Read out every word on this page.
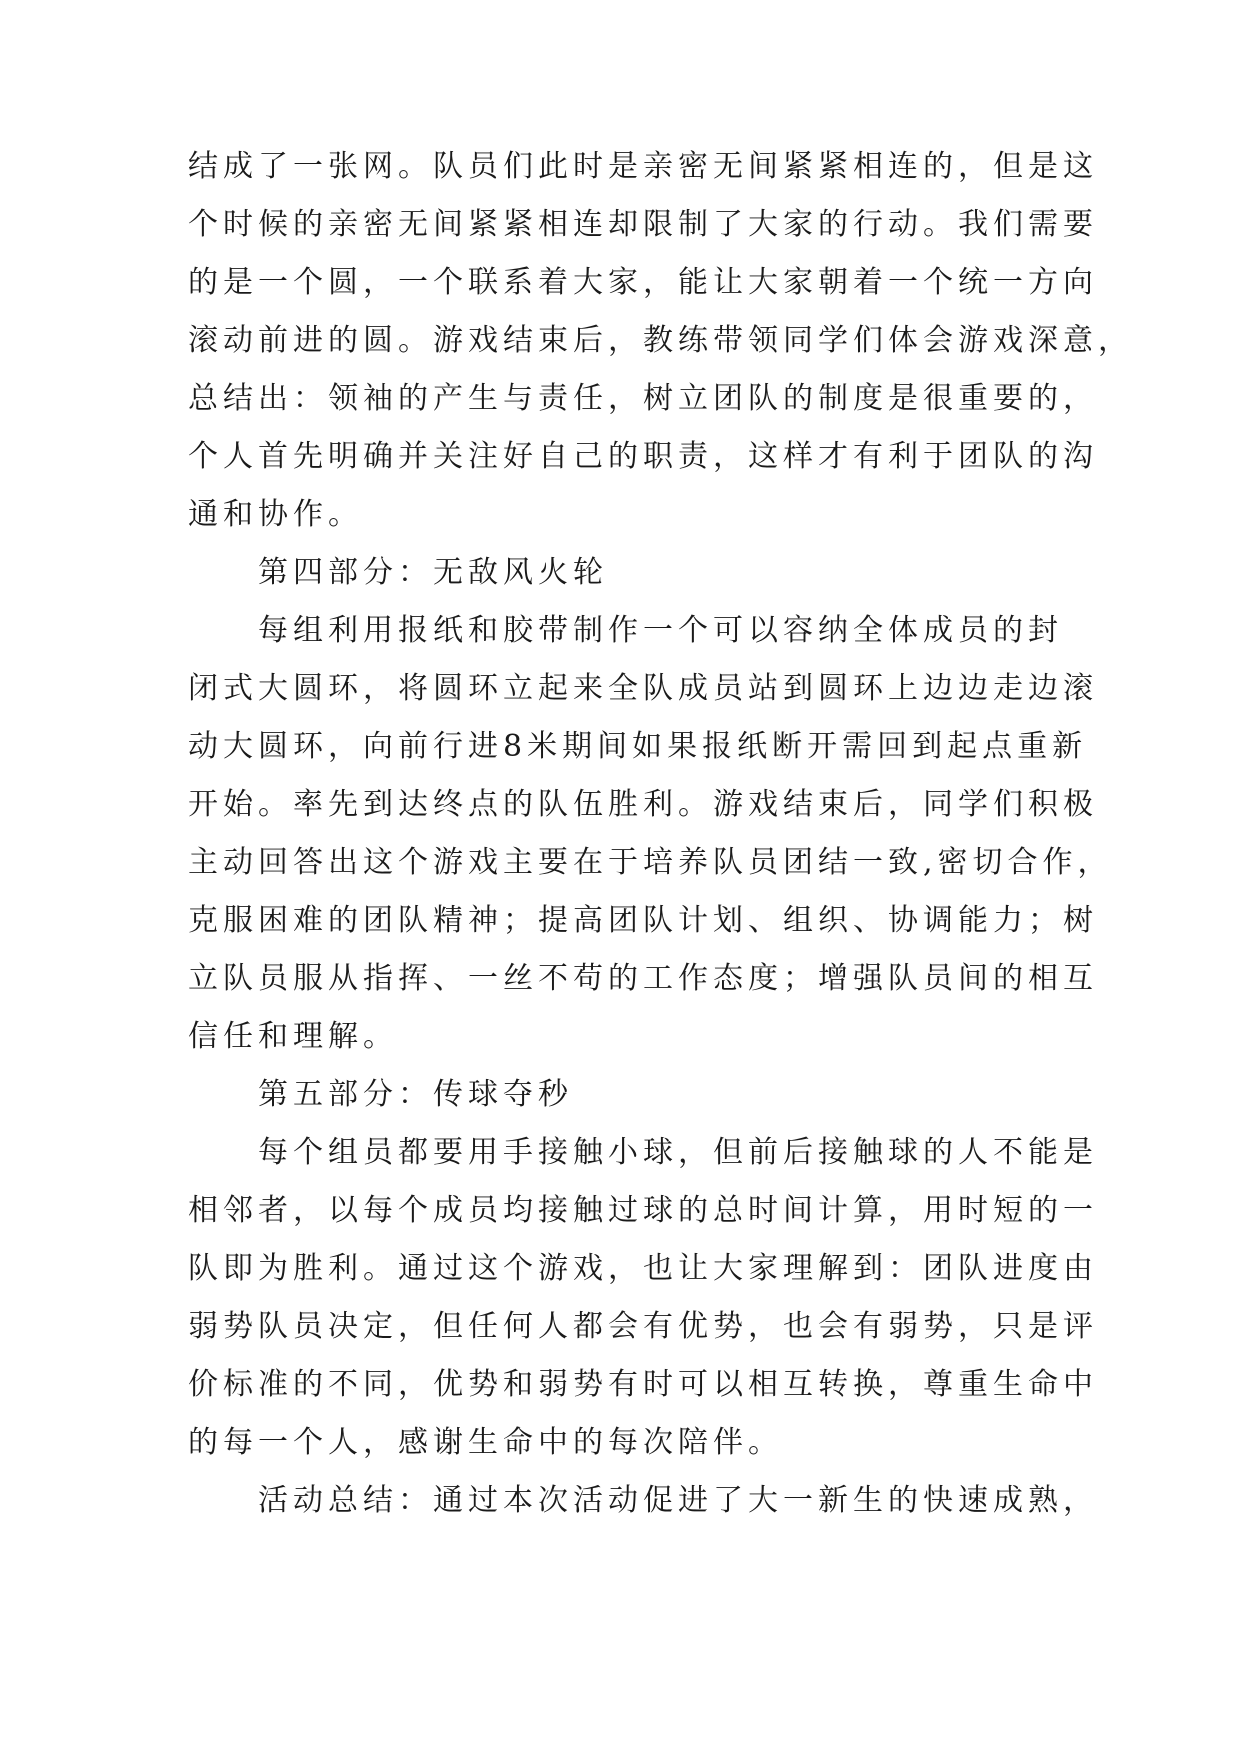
结成了一张网。队员们此时是亲密无间紧紧相连的，但是这
个时候的亲密无间紧紧相连却限制了大家的行动。我们需要
的是一个圆，一个联系着大家，能让大家朝着一个统一方向
滚动前进的圆。游戏结束后，教练带领同学们体会游戏深意，
总结出：领袖的产生与责任，树立团队的制度是很重要的，
个人首先明确并关注好自己的职责，这样才有利于团队的沟
通和协作。
第四部分：无敌风火轮
每组利用报纸和胶带制作一个可以容纳全体成员的封
闭式大圆环，将圆环立起来全队成员站到圆环上边边走边滚
动大圆环，向前行进8米期间如果报纸断开需回到起点重新
开始。率先到达终点的队伍胜利。游戏结束后，同学们积极
主动回答出这个游戏主要在于培养队员团结一致,密切合作，
克服困难的团队精神；提高团队计划、组织、协调能力；树
立队员服从指挥、一丝不苟的工作态度；增强队员间的相互
信任和理解。
第五部分：传球夺秒
每个组员都要用手接触小球，但前后接触球的人不能是
相邻者，以每个成员均接触过球的总时间计算，用时短的一
队即为胜利。通过这个游戏，也让大家理解到：团队进度由
弱势队员决定，但任何人都会有优势，也会有弱势，只是评
价标准的不同，优势和弱势有时可以相互转换，尊重生命中
的每一个人，感谢生命中的每次陪伴。
活动总结：通过本次活动促进了大一新生的快速成熟，
